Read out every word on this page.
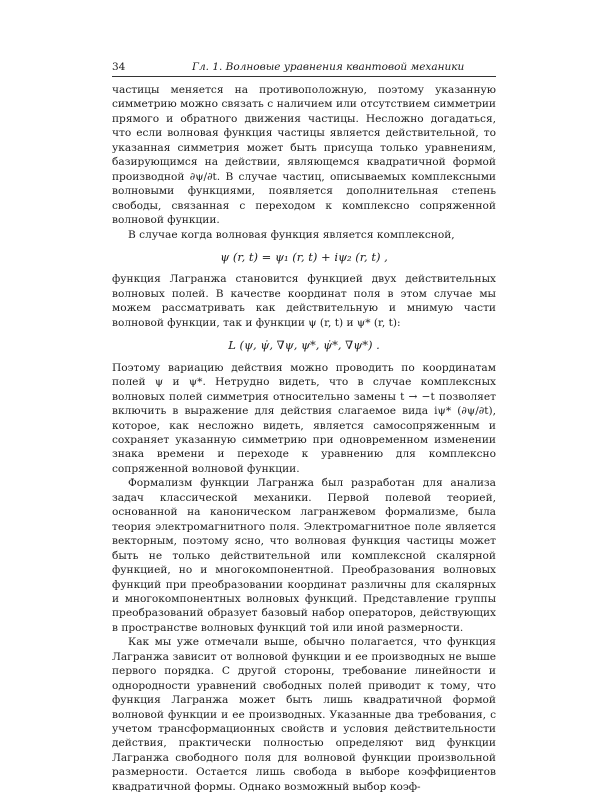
34	Гл. 1. Волновые уравнения квантовой механики

частицы меняется на противоположную, поэтому указанную симметрию можно связать с наличием или отсутствием симметрии прямого и обратного движения частицы. Несложно догадаться, что если волновая функция частицы является действительной, то указанная симметрия может быть присуща только уравнениям, базирующимся на действии, являющемся квадратичной формой производной ∂ψ/∂t. В случае частиц, описываемых комплексными волновыми функциями, появляется дополнительная степень свободы, связанная с переходом к комплексно сопряженной волновой функции.

В случае когда волновая функция является комплексной,

ψ (r, t) = ψ₁ (r, t) + iψ₂ (r, t) ,

функция Лагранжа становится функцией двух действительных волновых полей. В качестве координат поля в этом случае мы можем рассматривать как действительную и мнимую части волновой функции, так и функции ψ (r, t) и ψ* (r, t):

L (ψ, ψ̇, ∇ψ, ψ*, ψ̇*, ∇ψ*) .

Поэтому вариацию действия можно проводить по координатам полей ψ и ψ*. Нетрудно видеть, что в случае комплексных волновых полей симметрия относительно замены t → −t позволяет включить в выражение для действия слагаемое вида iψ* (∂ψ/∂t), которое, как несложно видеть, является самосопряженным и сохраняет указанную симметрию при одновременном изменении знака времени и переходе к уравнению для комплексно сопряженной волновой функции.

Формализм функции Лагранжа был разработан для анализа задач классической механики. Первой полевой теорией, основанной на каноническом лагранжевом формализме, была теория электромагнитного поля. Электромагнитное поле является векторным, поэтому ясно, что волновая функция частицы может быть не только действительной или комплексной скалярной функцией, но и многокомпонентной. Преобразования волновых функций при преобразовании координат различны для скалярных и многокомпонентных волновых функций. Представление группы преобразований образует базовый набор операторов, действующих в пространстве волновых функций той или иной размерности.

Как мы уже отмечали выше, обычно полагается, что функция Лагранжа зависит от волновой функции и ее производных не выше первого порядка. С другой стороны, требование линейности и однородности уравнений свободных полей приводит к тому, что функция Лагранжа может быть лишь квадратичной формой волновой функции и ее производных. Указанные два требования, с учетом трансформационных свойств и условия действительности действия, практически полностью определяют вид функции Лагранжа свободного поля для волновой функции произвольной размерности. Остается лишь свобода в выборе коэффициентов квадратичной формы. Однако возможный выбор коэф-
